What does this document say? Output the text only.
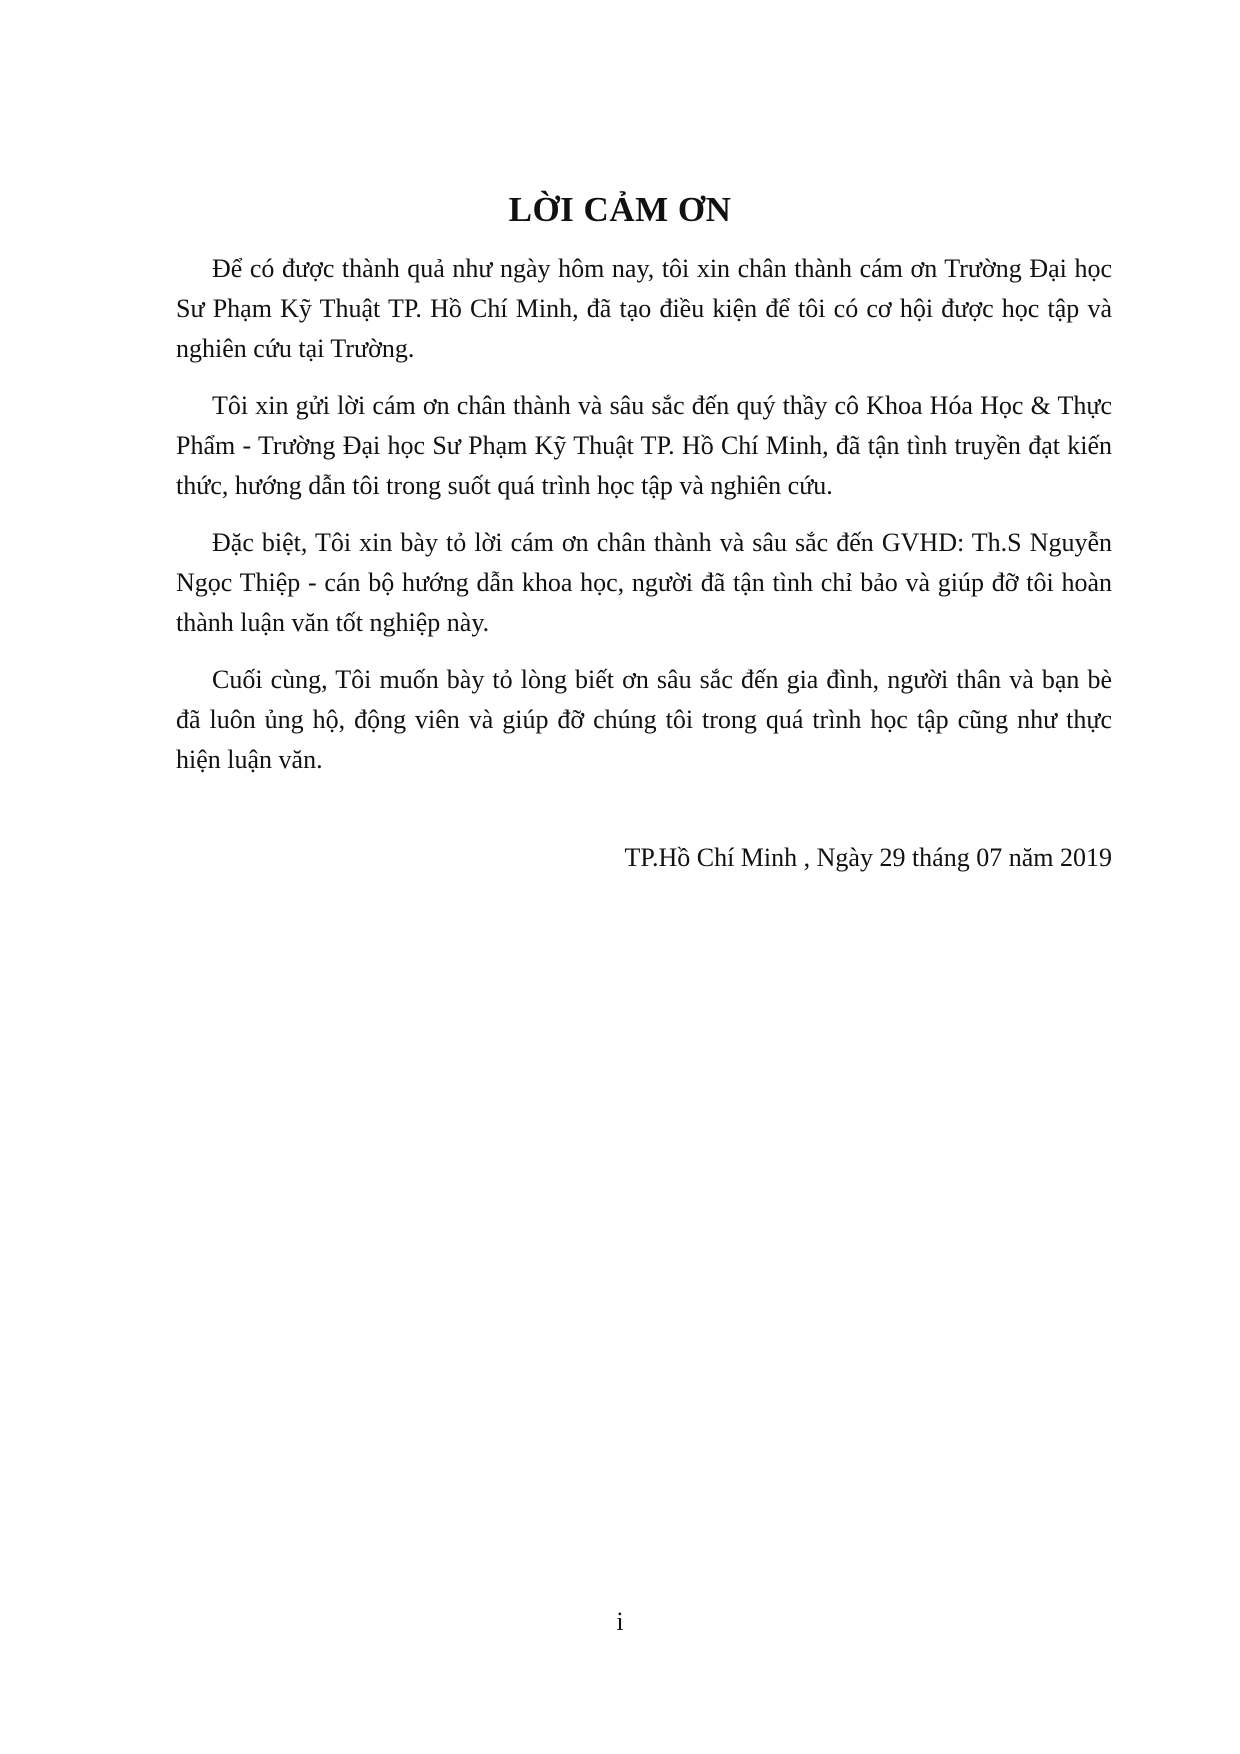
LỜI CẢM ƠN

Để có được thành quả như ngày hôm nay, tôi xin chân thành cám ơn Trường Đại học Sư Phạm Kỹ Thuật TP. Hồ Chí Minh, đã tạo điều kiện để tôi có cơ hội được học tập và nghiên cứu tại Trường.

Tôi xin gửi lời cám ơn chân thành và sâu sắc đến quý thầy cô Khoa Hóa Học & Thực Phẩm - Trường Đại học Sư Phạm Kỹ Thuật TP. Hồ Chí Minh, đã tận tình truyền đạt kiến thức, hướng dẫn tôi trong suốt quá trình học tập và nghiên cứu.

Đặc biệt, Tôi xin bày tỏ lời cám ơn chân thành và sâu sắc đến GVHD: Th.S Nguyễn Ngọc Thiệp - cán bộ hướng dẫn khoa học, người đã tận tình chỉ bảo và giúp đỡ tôi hoàn thành luận văn tốt nghiệp này.

Cuối cùng, Tôi muốn bày tỏ lòng biết ơn sâu sắc đến gia đình, người thân và bạn bè đã luôn ủng hộ, động viên và giúp đỡ chúng tôi trong quá trình học tập cũng như thực hiện luận văn.

TP.Hồ Chí Minh , Ngày 29 tháng 07 năm 2019
i
